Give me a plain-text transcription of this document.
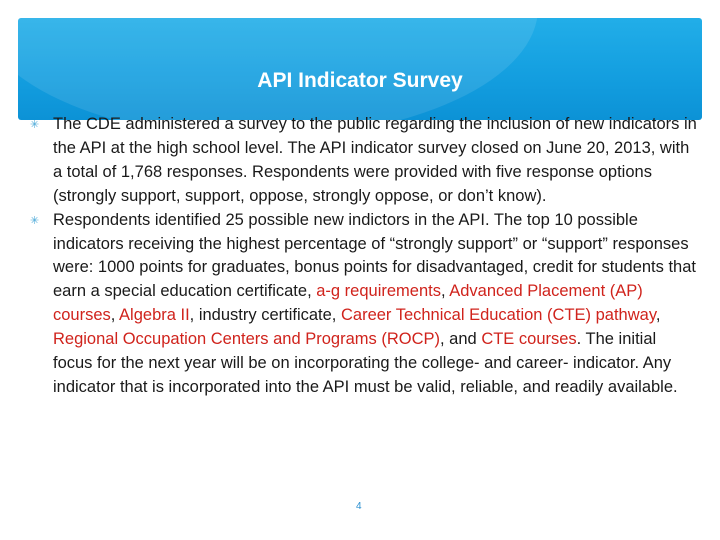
API Indicator Survey
✳ The CDE administered a survey to the public regarding the inclusion of new indicators in the API at the high school level. The API indicator survey closed on June 20, 2013, with a total of 1,768 responses. Respondents were provided with five response options (strongly support, support, oppose, strongly oppose, or don’t know).
✳ Respondents identified 25 possible new indictors in the API. The top 10 possible indicators receiving the highest percentage of “strongly support” or “support” responses were: 1000 points for graduates, bonus points for disadvantaged, credit for students that earn a special education certificate, a-g requirements, Advanced Placement (AP) courses, Algebra II, industry certificate, Career Technical Education (CTE) pathway, Regional Occupation Centers and Programs (ROCP), and CTE courses. The initial focus for the next year will be on incorporating the college- and career- indicator. Any indicator that is incorporated into the API must be valid, reliable, and readily available.
4
